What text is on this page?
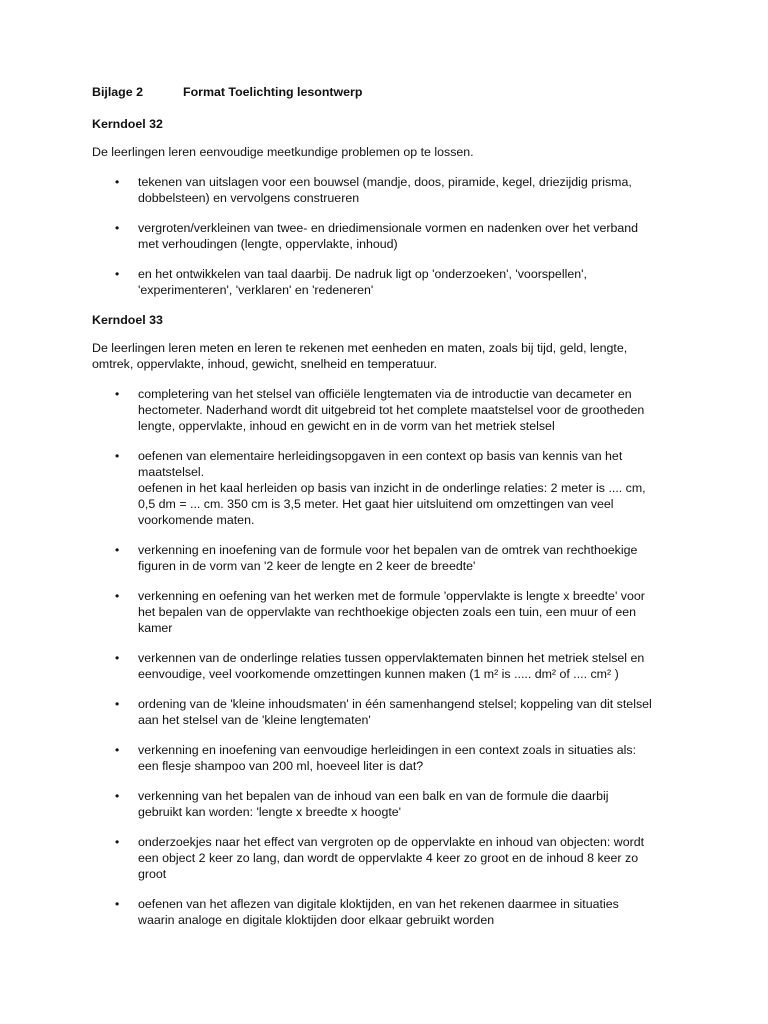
Bijlage 2	Format Toelichting lesontwerp
Kerndoel 32
De leerlingen leren eenvoudige meetkundige problemen op te lossen.
• tekenen van uitslagen voor een bouwsel (mandje, doos, piramide, kegel, driezijdig prisma,
dobbelsteen) en vervolgens construeren
• vergroten/verkleinen van twee- en driedimensionale vormen en nadenken over het verband
met verhoudingen (lengte, oppervlakte, inhoud)
• en het ontwikkelen van taal daarbij. De nadruk ligt op 'onderzoeken', 'voorspellen',
'experimenteren', 'verklaren' en 'redeneren'
Kerndoel 33
De leerlingen leren meten en leren te rekenen met eenheden en maten, zoals bij tijd, geld, lengte,
omtrek, oppervlakte, inhoud, gewicht, snelheid en temperatuur.
• completering van het stelsel van officiële lengtematen via de introductie van decameter en
hectometer. Naderhand wordt dit uitgebreid tot het complete maatstelsel voor de grootheden
lengte, oppervlakte, inhoud en gewicht en in de vorm van het metriek stelsel
• oefenen van elementaire herleidingsopgaven in een context op basis van kennis van het
maatstelsel.
oefenen in het kaal herleiden op basis van inzicht in de onderlinge relaties: 2 meter is .... cm,
0,5 dm = ... cm. 350 cm is 3,5 meter. Het gaat hier uitsluitend om omzettingen van veel
voorkomende maten.
• verkenning en inoefening van de formule voor het bepalen van de omtrek van rechthoekige
figuren in de vorm van '2 keer de lengte en 2 keer de breedte'
• verkenning en oefening van het werken met de formule 'oppervlakte is lengte x breedte' voor
het bepalen van de oppervlakte van rechthoekige objecten zoals een tuin, een muur of een
kamer
• verkennen van de onderlinge relaties tussen oppervlaktematen binnen het metriek stelsel en
eenvoudige, veel voorkomende omzettingen kunnen maken (1 m² is ..... dm² of .... cm² )
• ordening van de 'kleine inhoudsmaten' in één samenhangend stelsel; koppeling van dit stelsel
aan het stelsel van de 'kleine lengtematen'
• verkenning en inoefening van eenvoudige herleidingen in een context zoals in situaties als:
een flesje shampoo van 200 ml, hoeveel liter is dat?
• verkenning van het bepalen van de inhoud van een balk en van de formule die daarbij
gebruikt kan worden: 'lengte x breedte x hoogte'
• onderzoekjes naar het effect van vergroten op de oppervlakte en inhoud van objecten: wordt
een object 2 keer zo lang, dan wordt de oppervlakte 4 keer zo groot en de inhoud 8 keer zo
groot
• oefenen van het aflezen van digitale kloktijden, en van het rekenen daarmee in situaties
waarin analoge en digitale kloktijden door elkaar gebruikt worden
